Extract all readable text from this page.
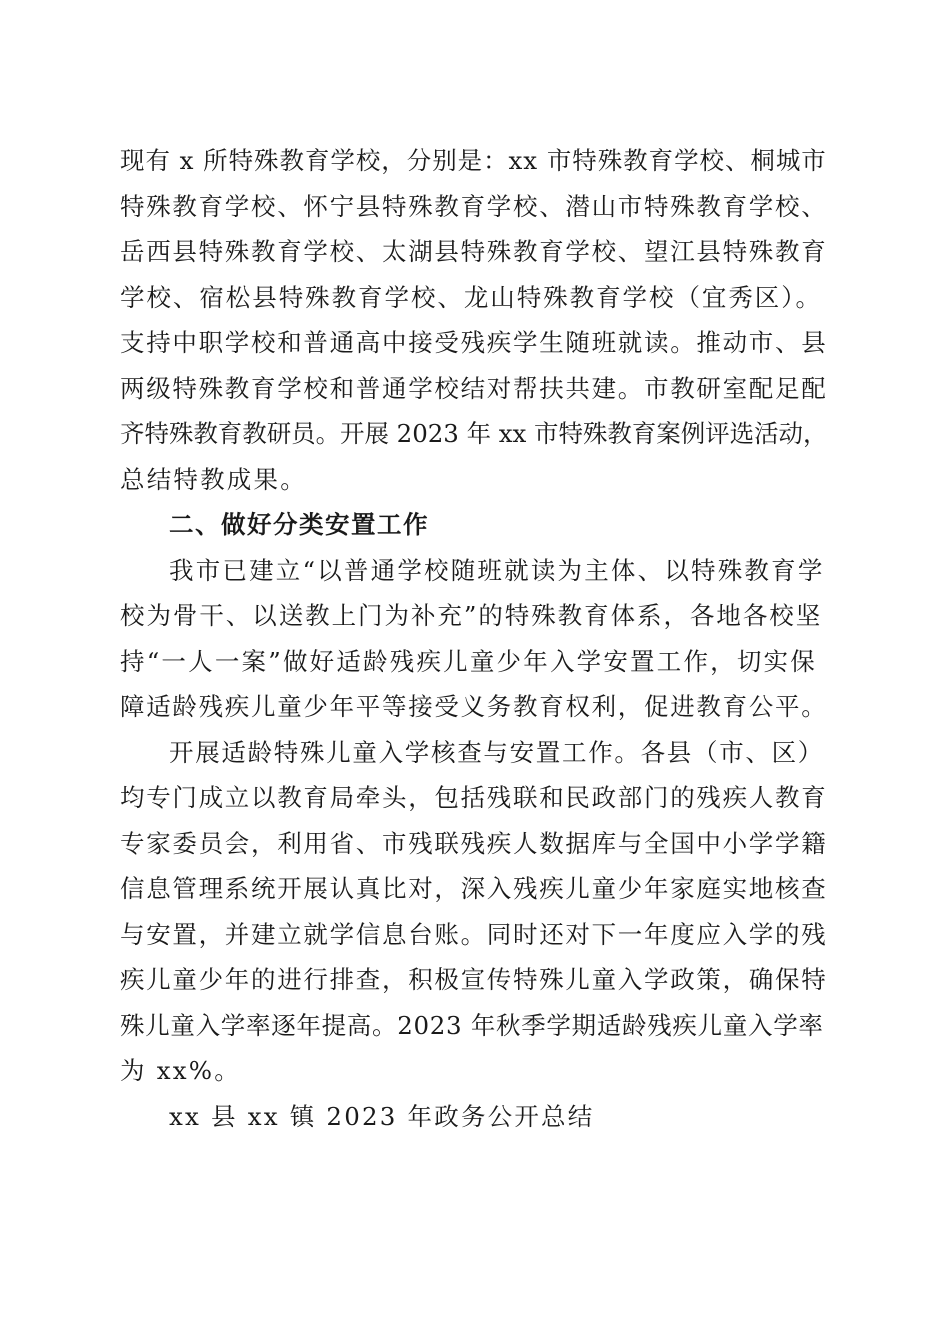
现有 x 所特殊教育学校，分别是：xx 市特殊教育学校、桐城市
特殊教育学校、怀宁县特殊教育学校、潜山市特殊教育学校、
岳西县特殊教育学校、太湖县特殊教育学校、望江县特殊教育
学校、宿松县特殊教育学校、龙山特殊教育学校（宜秀区）。
支持中职学校和普通高中接受残疾学生随班就读。推动市、县
两级特殊教育学校和普通学校结对帮扶共建。市教研室配足配
齐特殊教育教研员。开展 2023 年 xx 市特殊教育案例评选活动，
总结特教成果。
二、做好分类安置工作
我市已建立“以普通学校随班就读为主体、以特殊教育学
校为骨干、以送教上门为补充”的特殊教育体系，各地各校坚
持“一人一案”做好适龄残疾儿童少年入学安置工作，切实保
障适龄残疾儿童少年平等接受义务教育权利，促进教育公平。
开展适龄特殊儿童入学核查与安置工作。各县（市、区）
均专门成立以教育局牵头，包括残联和民政部门的残疾人教育
专家委员会，利用省、市残联残疾人数据库与全国中小学学籍
信息管理系统开展认真比对，深入残疾儿童少年家庭实地核查
与安置，并建立就学信息台账。同时还对下一年度应入学的残
疾儿童少年的进行排查，积极宣传特殊儿童入学政策，确保特
殊儿童入学率逐年提高。2023 年秋季学期适龄残疾儿童入学率
为 xx%。
xx 县 xx 镇 2023 年政务公开总结
